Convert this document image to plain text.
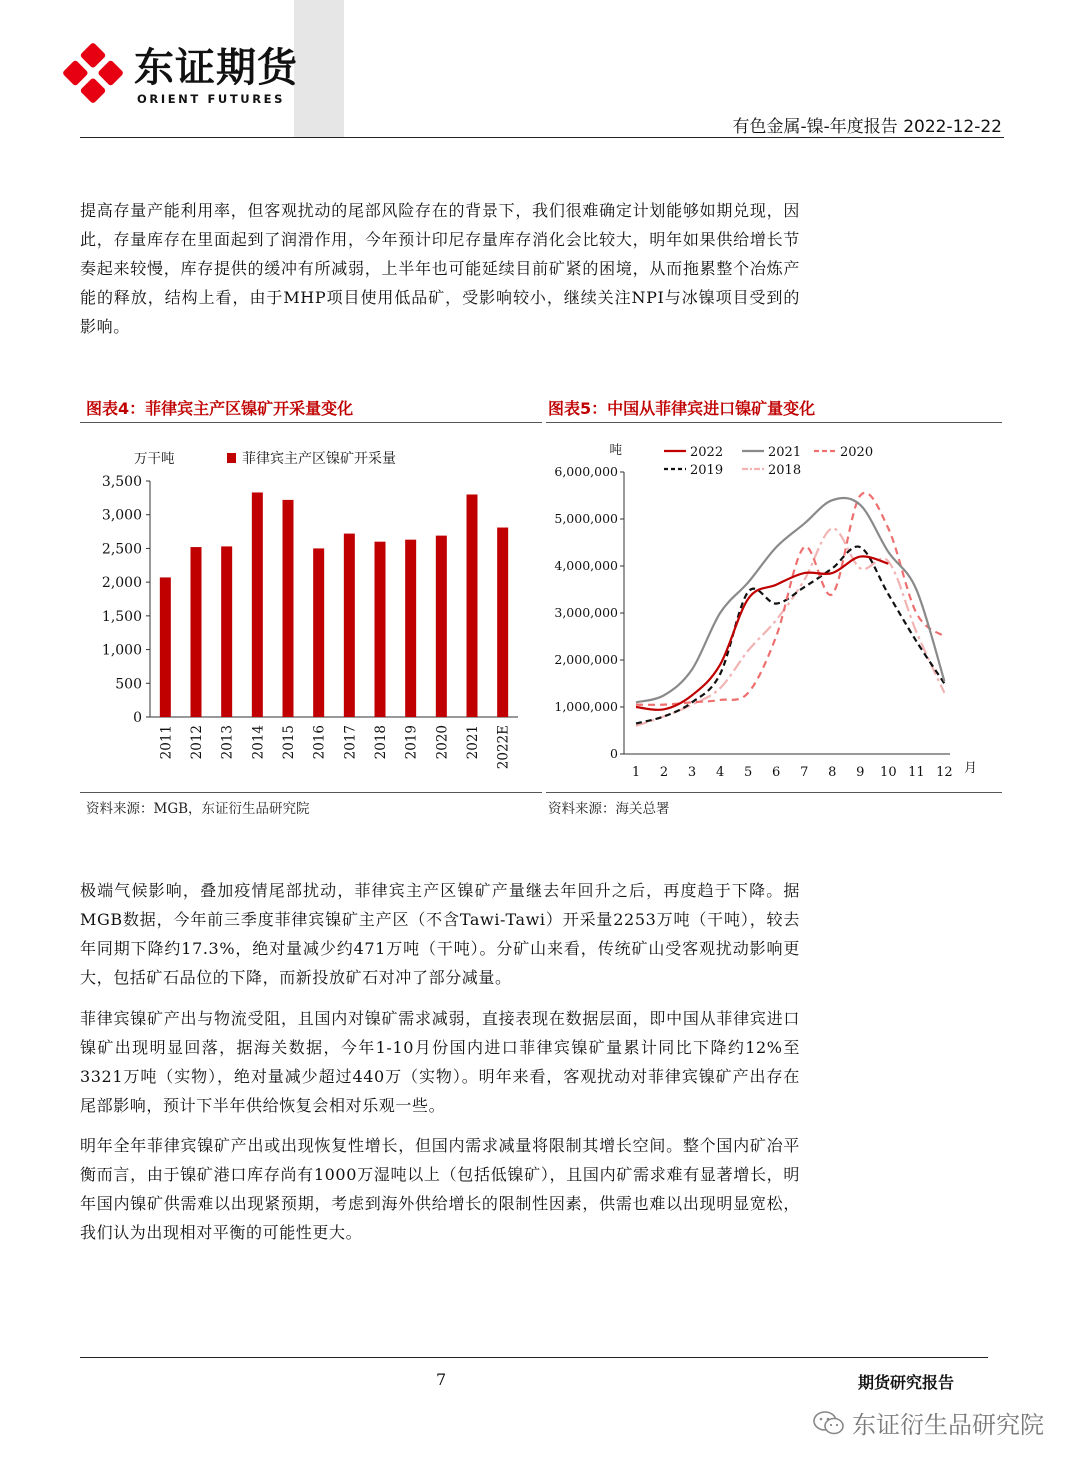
东证期货
ORIENT FUTURES
有色金属-镍-年度报告 2022-12-22

提高存量产能利用率，但客观扰动的尾部风险存在的背景下，我们很难确定计划能够如期兑现，因此，存量库存在里面起到了润滑作用，今年预计印尼存量库存消化会比较大，明年如果供给增长节奏起来较慢，库存提供的缓冲有所减弱，上半年也可能延续目前矿紧的困境，从而拖累整个冶炼产能的释放，结构上看，由于MHP项目使用低品矿，受影响较小，继续关注NPI与冰镍项目受到的影响。

图表4：菲律宾主产区镍矿开采量变化
0
500
1,000
1,500
2,000
2,500
3,000
3,500
万干吨	菲律宾主产区镍矿开采量
2011 2012 2013 2014 2015 2016 2017 2018 2019 2020 2021 2022E
资料来源：MGB，东证衍生品研究院
图表5：中国从菲律宾进口镍矿量变化
0
1,000,000
2,000,000
3,000,000
4,000,000
5,000,000
6,000,000
1 2 3 4 5 6 7 8 9 10 11 12
吨
月
2022	2021	2020
2019	2018
资料来源：海关总署

极端气候影响，叠加疫情尾部扰动，菲律宾主产区镍矿产量继去年回升之后，再度趋于下降。据MGB数据，今年前三季度菲律宾镍矿主产区（不含Tawi-Tawi）开采量2253万吨（干吨），较去年同期下降约17.3%，绝对量减少约471万吨（干吨）。分矿山来看，传统矿山受客观扰动影响更大，包括矿石品位的下降，而新投放矿石对冲了部分减量。

菲律宾镍矿产出与物流受阻，且国内对镍矿需求减弱，直接表现在数据层面，即中国从菲律宾进口镍矿出现明显回落，据海关数据，今年1-10月份国内进口菲律宾镍矿量累计同比下降约12%至3321万吨（实物），绝对量减少超过440万（实物）。明年来看，客观扰动对菲律宾镍矿产出存在尾部影响，预计下半年供给恢复会相对乐观一些。

明年全年菲律宾镍矿产出或出现恢复性增长，但国内需求减量将限制其增长空间。整个国内矿冶平衡而言，由于镍矿港口库存尚有1000万湿吨以上（包括低镍矿），且国内矿需求难有显著增长，明年国内镍矿供需难以出现紧预期，考虑到海外供给增长的限制性因素，供需也难以出现明显宽松，我们认为出现相对平衡的可能性更大。

7	期货研究报告
东证衍生品研究院
